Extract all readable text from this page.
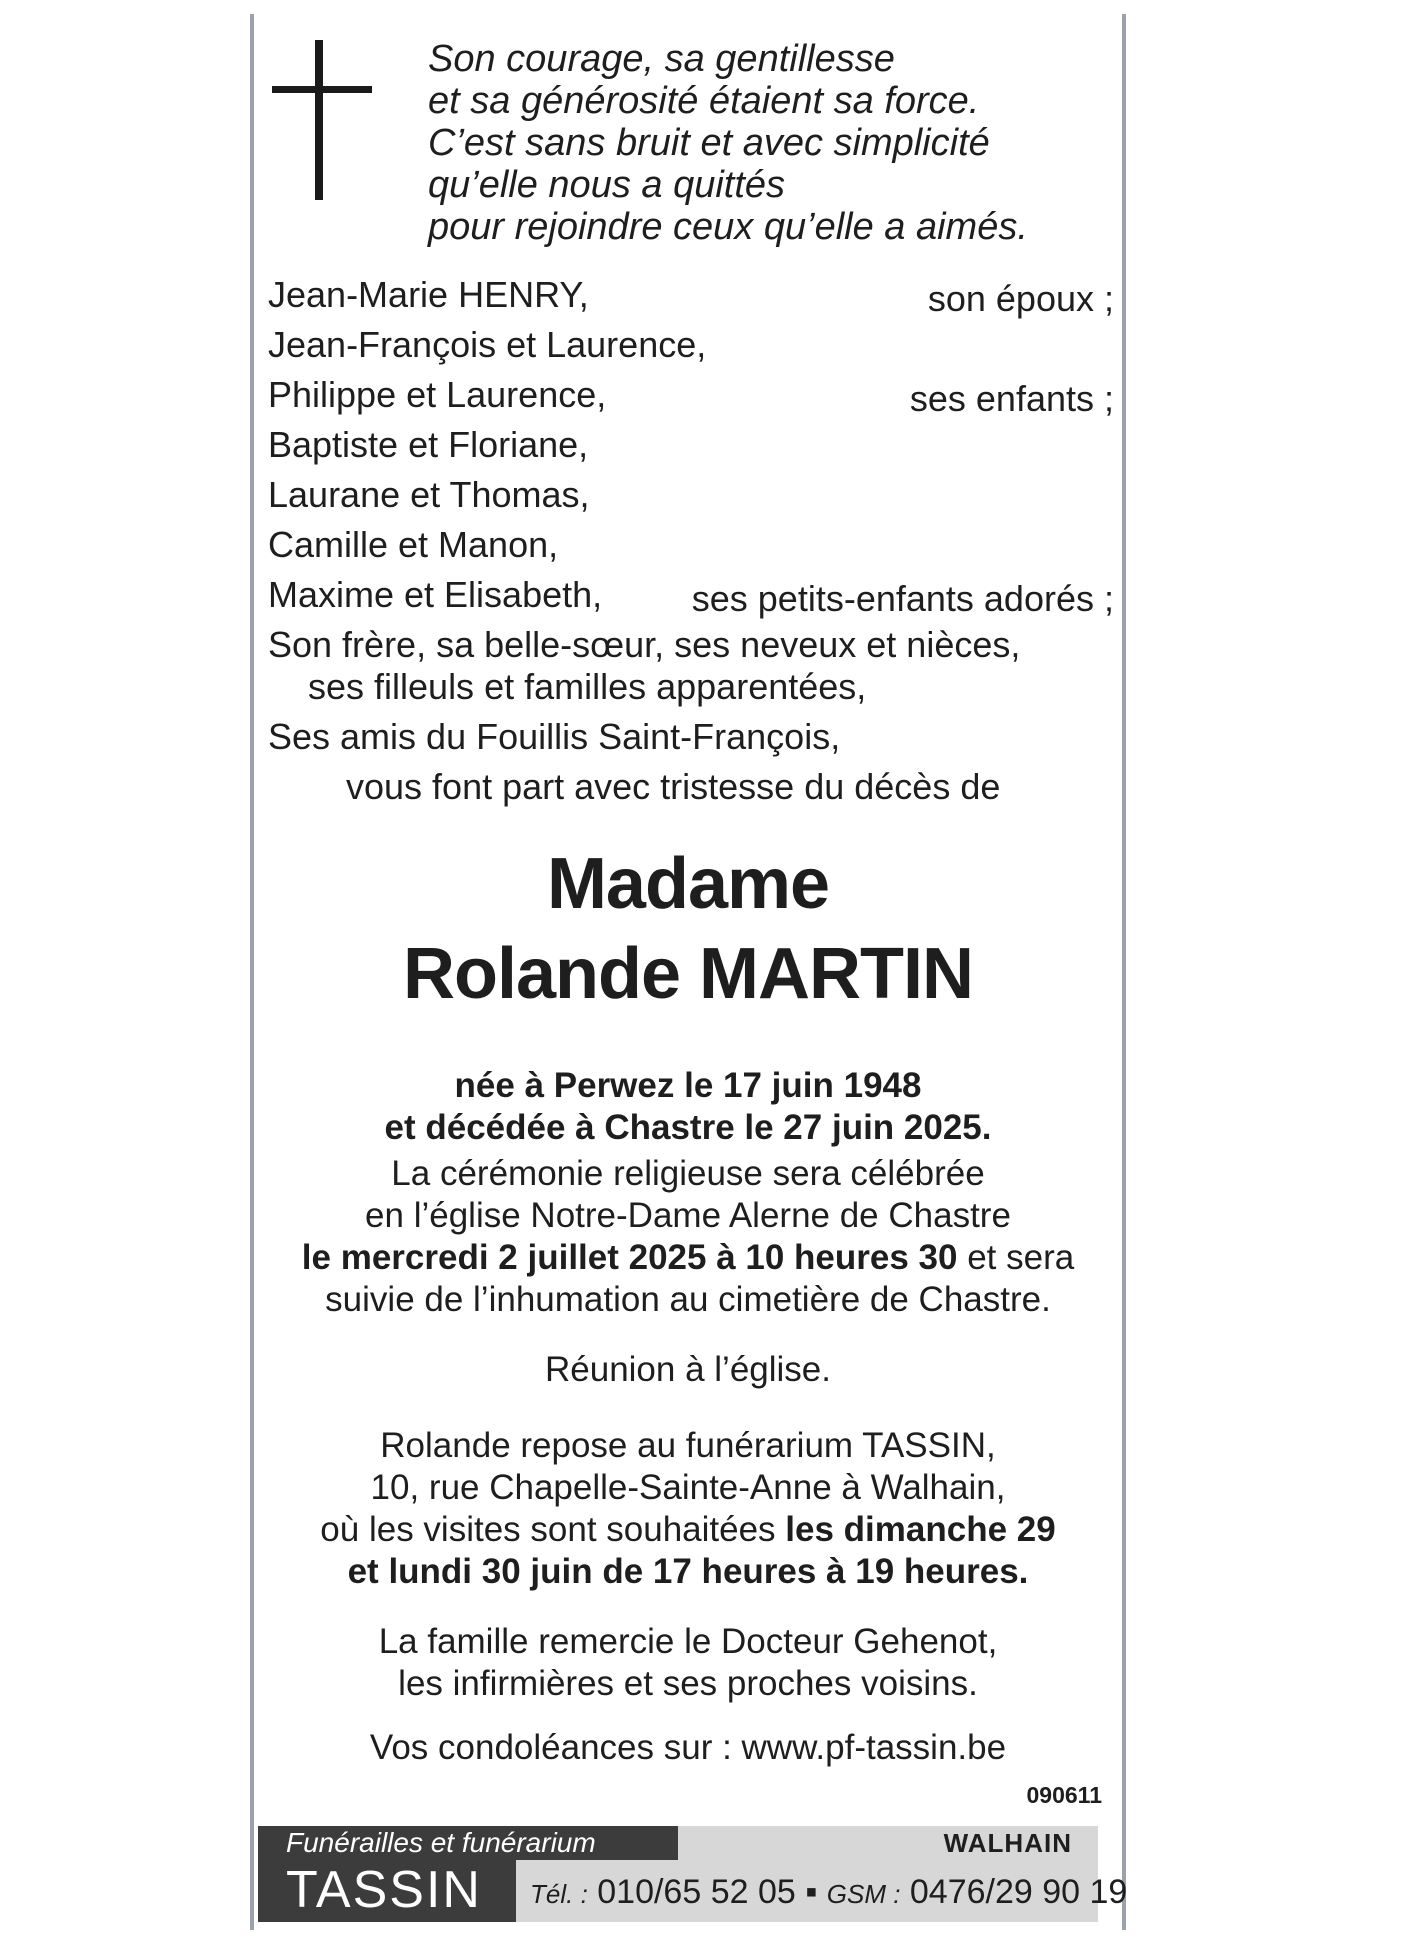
Son courage, sa gentillesse
et sa générosité étaient sa force.
C’est sans bruit et avec simplicité
qu’elle nous a quittés
pour rejoindre ceux qu’elle a aimés.
Jean-Marie HENRY,	son époux ;
Jean-François et Laurence,
Philippe et Laurence,	ses enfants ;
Baptiste et Floriane,
Laurane et Thomas,
Camille et Manon,
Maxime et Elisabeth, ses petits-enfants adorés ;
Son frère, sa belle-sœur, ses neveux et nièces,
ses filleuls et familles apparentées,
Ses amis du Fouillis Saint-François,
vous font part avec tristesse du décès de
Madame
Rolande MARTIN
née à Perwez le 17 juin 1948
et décédée à Chastre le 27 juin 2025.
La cérémonie religieuse sera célébrée
en l’église Notre-Dame Alerne de Chastre
le mercredi 2 juillet 2025 à 10 heures 30 et sera
suivie de l’inhumation au cimetière de Chastre.
Réunion à l’église.
Rolande repose au funérarium TASSIN,
10, rue Chapelle-Sainte-Anne à Walhain,
où les visites sont souhaitées les dimanche 29
et lundi 30 juin de 17 heures à 19 heures.
La famille remercie le Docteur Gehenot,
les infirmières et ses proches voisins.
Vos condoléances sur : www.pf-tassin.be
090611
Funérailles et funérarium
TASSIN
WALHAIN
Tél. : 010/65 52 05 ▪ GSM : 0476/29 90 19
